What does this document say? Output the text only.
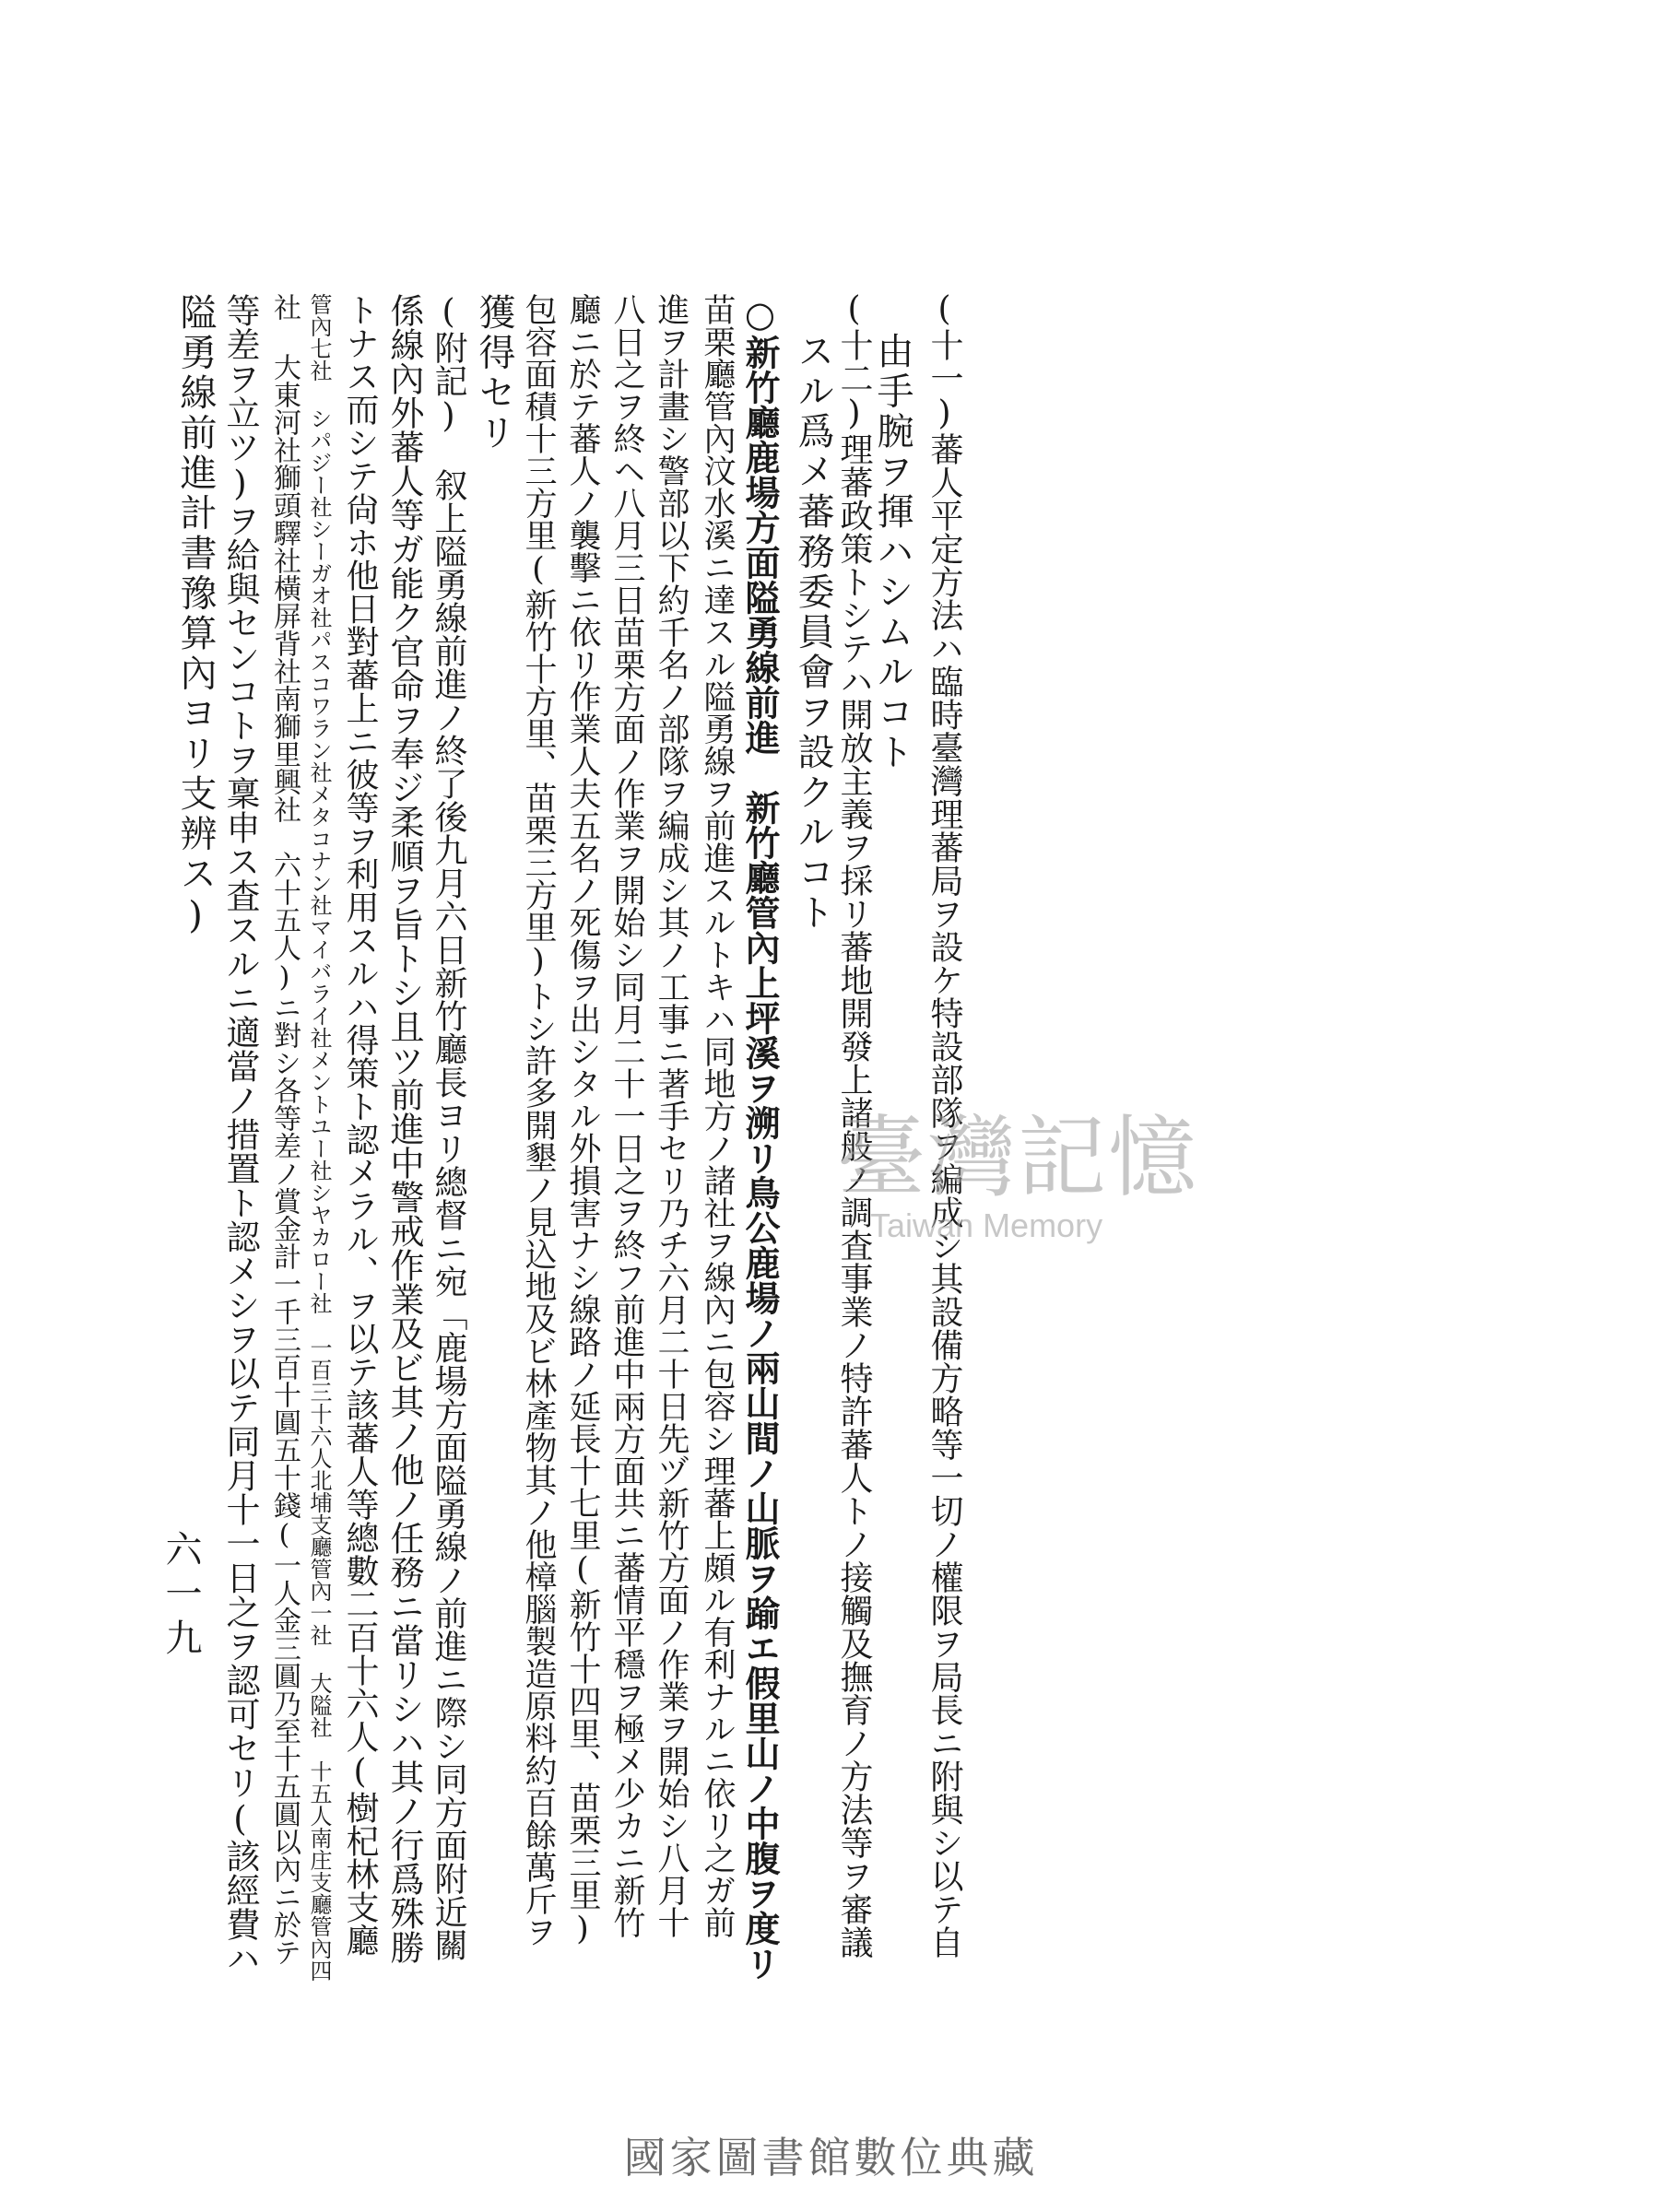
(十一)蕃人平定方法ハ臨時臺灣理蕃局ヲ設ケ特設部隊ヲ編成シ其設備方略等一切ノ權限ヲ局長ニ附與シ以テ自
由手腕ヲ揮ハシムルコト
(十二)理蕃政策トシテハ開放主義ヲ採リ蕃地開發上諸般ノ調査事業ノ特許蕃人トノ接觸及撫育ノ方法等ヲ審議
スル爲メ蕃務委員會ヲ設クルコト
○新竹廳鹿場方面隘勇線前進　新竹廳管內上坪溪ヲ溯リ鳥公鹿場ノ兩山間ノ山脈ヲ踰エ假里山ノ中腹ヲ度リ
苗栗廳管內汶水溪ニ達スル隘勇線ヲ前進スルトキハ同地方ノ諸社ヲ線內ニ包容シ理蕃上頗ル有利ナルニ依リ之ガ前
進ヲ計畫シ警部以下約千名ノ部隊ヲ編成シ其ノ工事ニ著手セリ乃チ六月二十日先ヅ新竹方面ノ作業ヲ開始シ八月十
八日之ヲ終ヘ八月三日苗栗方面ノ作業ヲ開始シ同月二十一日之ヲ終フ前進中兩方面共ニ蕃情平穩ヲ極メ少カニ新竹
廳ニ於テ蕃人ノ襲擊ニ依リ作業人夫五名ノ死傷ヲ出シタル外損害ナシ線路ノ延長十七里(新竹十四里、苗栗三里)
包容面積十三方里(新竹十方里、苗栗三方里)トシ許多開墾ノ見込地及ビ林產物其ノ他樟腦製造原料約百餘萬斤ヲ
獲得セリ
(附記)　叙上隘勇線前進ノ終了後九月六日新竹廳長ヨリ總督ニ宛「鹿場方面隘勇線ノ前進ニ際シ同方面附近關
係線內外蕃人等ガ能ク官命ヲ奉ジ柔順ヲ旨トシ且ツ前進中警戒作業及ビ其ノ他ノ任務ニ當リシハ其ノ行爲殊勝
トナス而シテ尙ホ他日對蕃上ニ彼等ヲ利用スルハ得策ト認メラル、ヲ以テ該蕃人等總數二百十六人(樹杞林支廳
管內七社 シパジー社シーガオ社パスコワラン社メタコナン社マイバライ社メントユー社シヤカロー社　一百三十六人北埔支廳管內一社 大隘社　十五人南庄支廳管內四
社 大東河社獅頭驛社橫屏背社南獅里興社　六十五人)ニ對シ各等差ノ賞金計一千三百十圓五十錢(一人金三圓乃至十五圓以內ニ於テ
等差ヲ立ツ)ヲ給與センコトヲ稟申ス査スルニ適當ノ措置ト認メシヲ以テ同月十一日之ヲ認可セリ(該經費ハ
隘勇線前進計書豫算內ヨリ支辨ス)
六一九
臺灣記憶
Taiwan Memory
國家圖書館數位典藏
